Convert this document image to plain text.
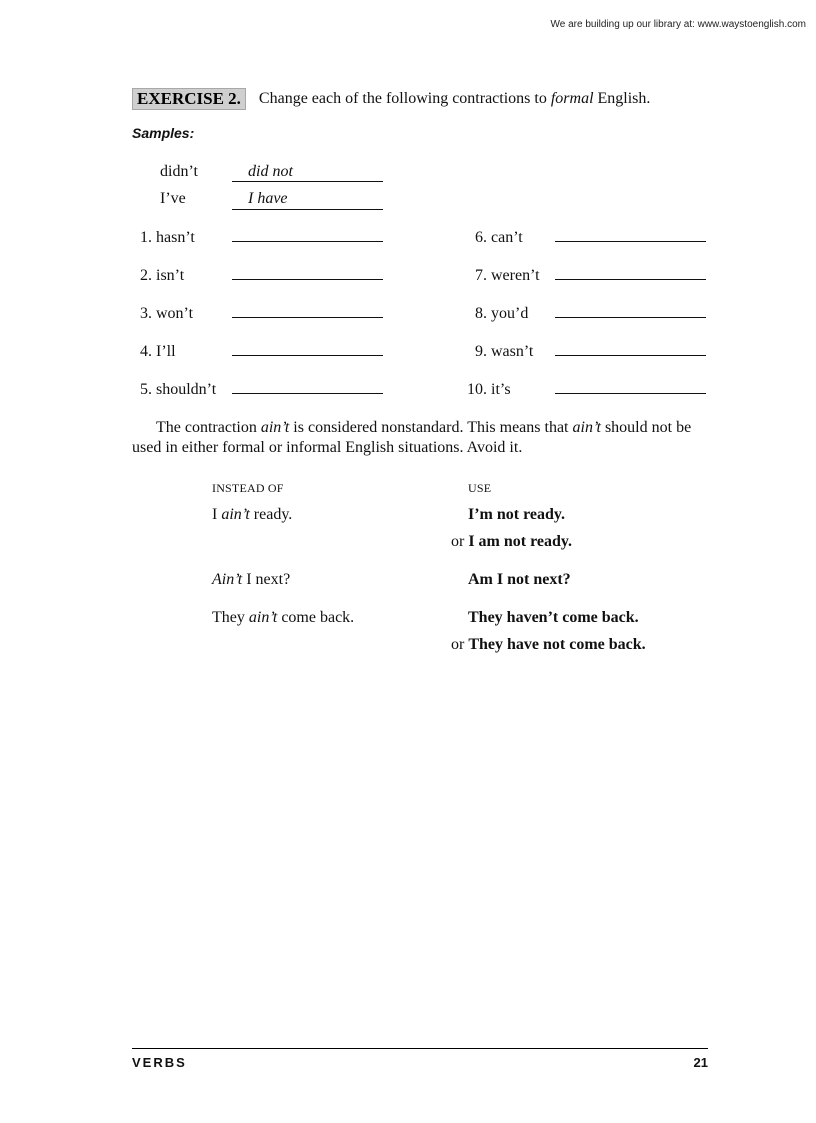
We are building up our library at: www.waystoenglish.com
EXERCISE 2.	Change each of the following contractions to formal English.
Samples:
didn’t	did not
I’ve	I have
1. hasn’t
2. isn’t
3. won’t
4. I’ll
5. shouldn’t
6. can’t
7. weren’t
8. you’d
9. wasn’t
10. it’s
The contraction ain’t is considered nonstandard. This means that ain’t should not be used in either formal or informal English situations. Avoid it.
INSTEAD OF	USE
I ain’t ready.	I’m not ready.
or I am not ready.
Ain’t I next?	Am I not next?
They ain’t come back.	They haven’t come back.
or They have not come back.
VERBS	21
